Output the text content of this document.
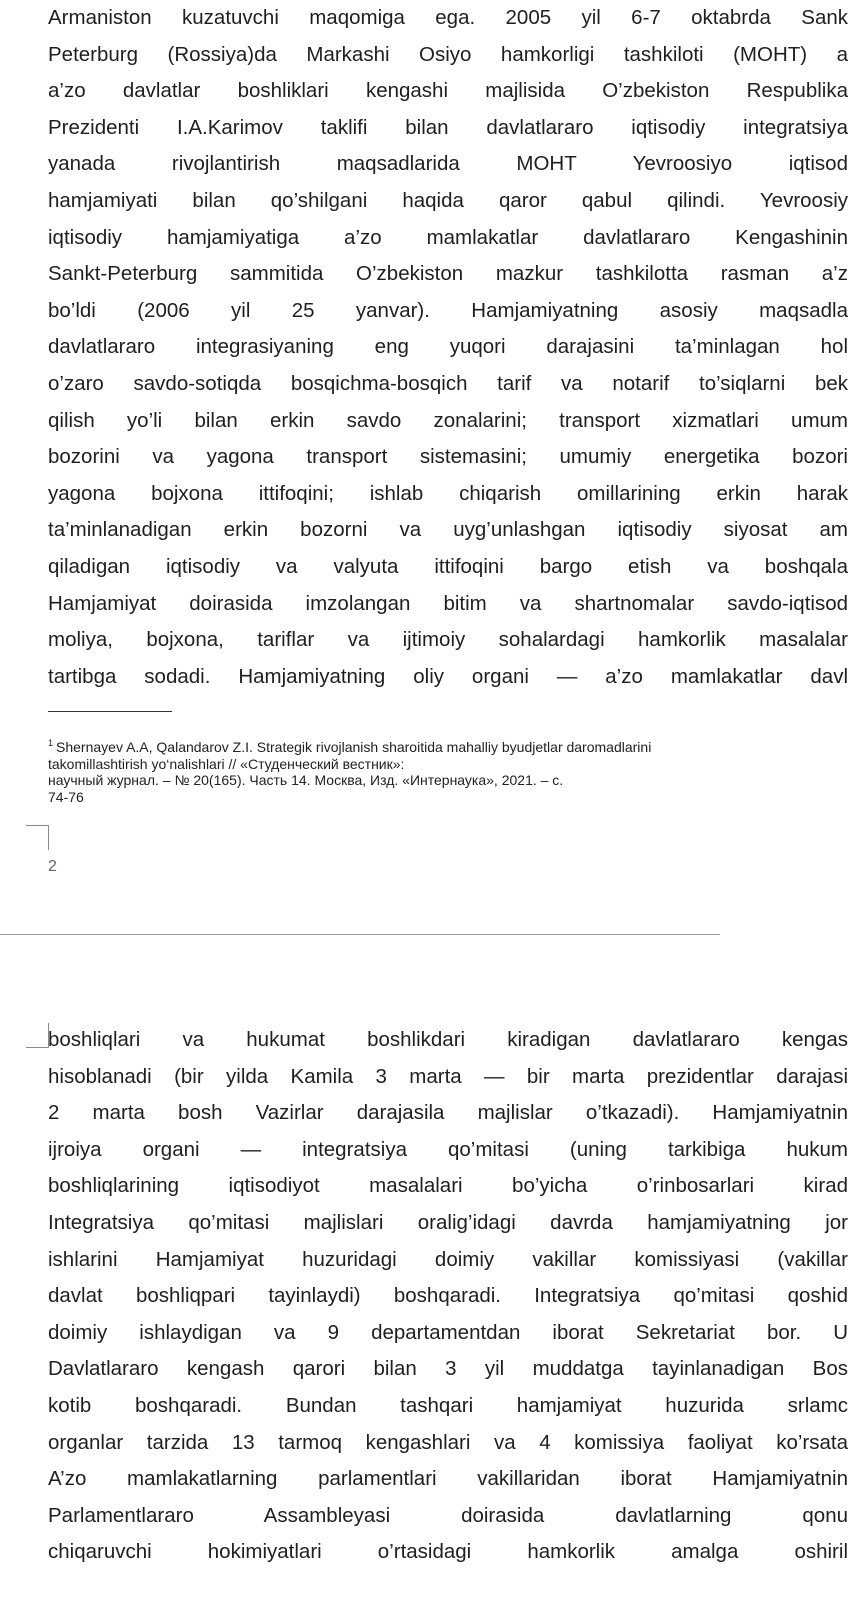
Armaniston kuzatuvchi maqomiga ega. 2005 yil 6-7 oktabrda Sank
Peterburg (Rossiya)da Markashi Osiyo hamkorligi tashkiloti (MOHT) a
a’zo davlatlar boshliklari kengashi majlisida O’zbekiston Respublika
Prezidenti I.A.Karimov taklifi bilan davlatlararo iqtisodiy integratsiya
yanada rivojlantirish maqsadlarida MOHT Yevroosiyo iqtisod
hamjamiyati bilan qo’shilgani haqida qaror qabul qilindi. Yevroosiy
iqtisodiy hamjamiyatiga a’zo mamlakatlar davlatlararo Kengashinin
Sankt-Peterburg sammitida O’zbekiston mazkur tashkilotta rasman a’z
bo’ldi (2006 yil 25 yanvar). Hamjamiyatning asosiy maqsadla
davlatlararo integrasiyaning eng yuqori darajasini ta’minlagan hol
o’zaro savdo-sotiqda bosqichma-bosqich tarif va notarif to’siqlarni bek
qilish yo’li bilan erkin savdo zonalarini; transport xizmatlari umum
bozorini va yagona transport sistemasini; umumiy energetika bozori
yagona bojxona ittifoqini; ishlab chiqarish omillarining erkin harak
ta’minlanadigan erkin bozorni va uyg’unlashgan iqtisodiy siyosat am
qiladigan iqtisodiy va valyuta ittifoqini bargo etish va boshqala
Hamjamiyat doirasida imzolangan bitim va shartnomalar savdo-iqtisod
moliya, bojxona, tariflar va ijtimoiy sohalardagi hamkorlik masalalar
tartibga sodadi. Hamjamiyatning oliy organi — a’zo mamlakatlar davl
$^1$ Shernayev A.A, Qalandarov Z.I. Strategik rivojlanish sharoitida mahalliy byudjetlar daromadlarini
takomillashtirish yo‘nalishlari // «Студенческий вестник»:
научный журнал. – № 20(165). Часть 14. Москва, Изд. «Интернаука», 2021. – с.
74-76
2
boshliqlari va hukumat boshlikdari kiradigan davlatlararo kengas
hisoblanadi (bir yilda Kamila 3 marta — bir marta prezidentlar darajasi
2 marta bosh Vazirlar darajasila majlislar o’tkazadi). Hamjamiyatnin
ijroiya organi — integratsiya qo’mitasi (uning tarkibiga hukum
boshliqlarining iqtisodiyot masalalari bo’yicha o’rinbosarlari kirad
Integratsiya qo’mitasi majlislari oralig’idagi davrda hamjamiyatning jor
ishlarini Hamjamiyat huzuridagi doimiy vakillar komissiyasi (vakillar
davlat boshliqpari tayinlaydi) boshqaradi. Integratsiya qo’mitasi qoshid
doimiy ishlaydigan va 9 departamentdan iborat Sekretariat bor. U
Davlatlararo kengash qarori bilan 3 yil muddatga tayinlanadigan Bos
kotib boshqaradi. Bundan tashqari hamjamiyat huzurida srlamc
organlar tarzida 13 tarmoq kengashlari va 4 komissiya faoliyat ko’rsata
A’zo mamlakatlarning parlamentlari vakillaridan iborat Hamjamiyatnin
Parlamentlararo Assambleyasi doirasida davlatlarning qonu
chiqaruvchi hokimiyatlari o’rtasidagi hamkorlik amalga oshiril
